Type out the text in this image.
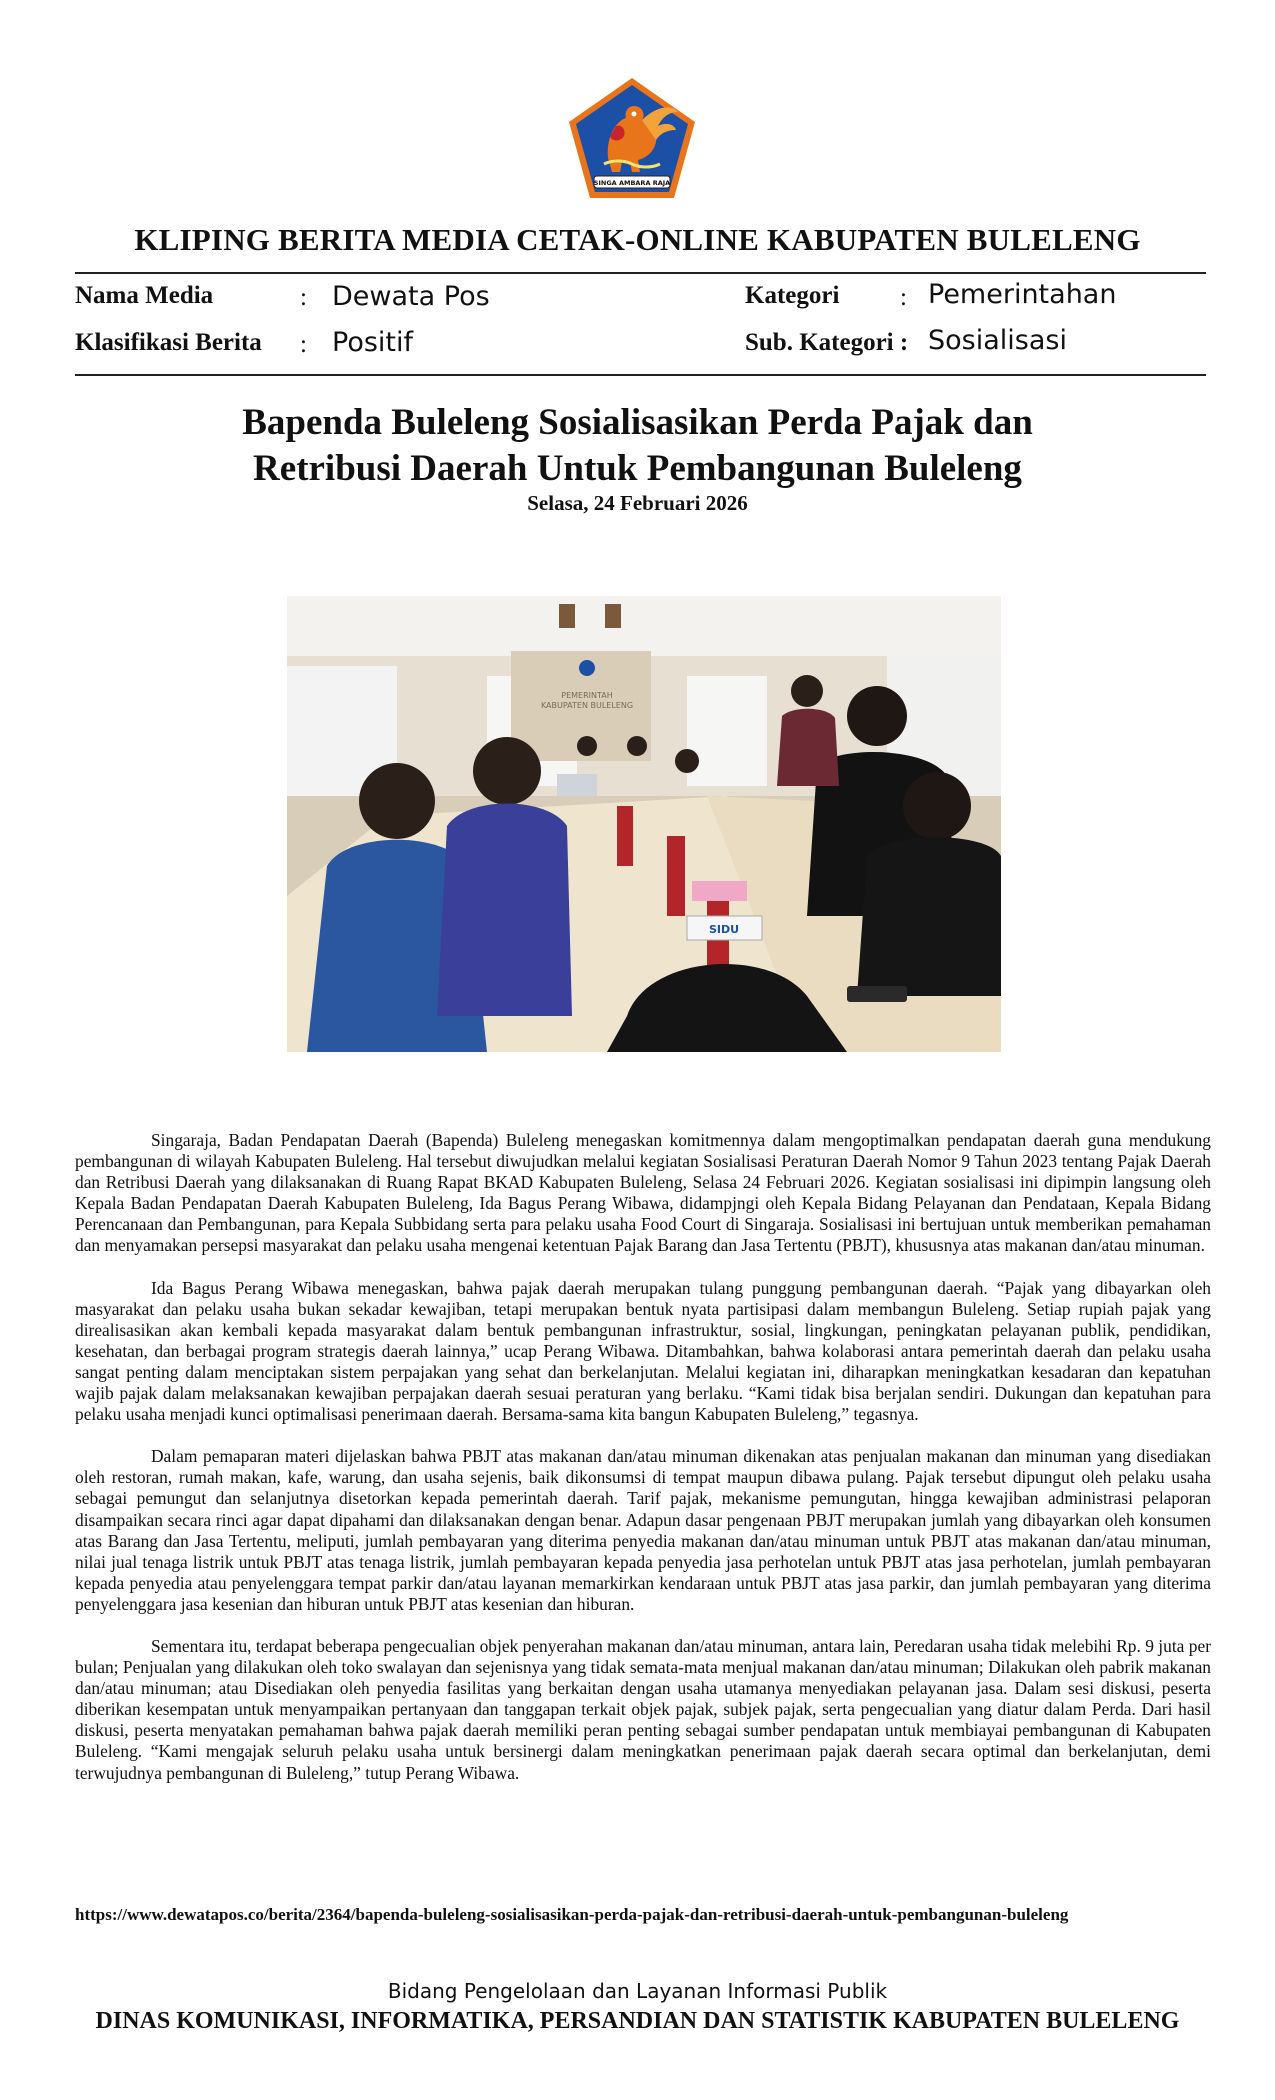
SINGA AMBARA RAJA
KLIPING BERITA MEDIA CETAK-ONLINE KABUPATEN BULELENG
Nama Media	: Dewata Pos	Kategori : Pemerintahan
Klasifikasi Berita : Positif	Sub. Kategori : Sosialisasi
Bapenda Buleleng Sosialisasikan Perda Pajak dan
Retribusi Daerah Untuk Pembangunan Buleleng
Selasa, 24 Februari 2026
PEMERINTAH
KABUPATEN BULELENG
SIDU

Singaraja, Badan Pendapatan Daerah (Bapenda) Buleleng menegaskan komitmennya dalam mengoptimalkan pendapatan daerah guna mendukung pembangunan di wilayah Kabupaten Buleleng. Hal tersebut diwujudkan melalui kegiatan Sosialisasi Peraturan Daerah Nomor 9 Tahun 2023 tentang Pajak Daerah dan Retribusi Daerah yang dilaksanakan di Ruang Rapat BKAD Kabupaten Buleleng, Selasa 24 Februari 2026. Kegiatan sosialisasi ini dipimpin langsung oleh Kepala Badan Pendapatan Daerah Kabupaten Buleleng, Ida Bagus Perang Wibawa, didampjngi oleh Kepala Bidang Pelayanan dan Pendataan, Kepala Bidang Perencanaan dan Pembangunan, para Kepala Subbidang serta para pelaku usaha Food Court di Singaraja. Sosialisasi ini bertujuan untuk memberikan pemahaman dan menyamakan persepsi masyarakat dan pelaku usaha mengenai ketentuan Pajak Barang dan Jasa Tertentu (PBJT), khususnya atas makanan dan/atau minuman.

Ida Bagus Perang Wibawa menegaskan, bahwa pajak daerah merupakan tulang punggung pembangunan daerah. “Pajak yang dibayarkan oleh masyarakat dan pelaku usaha bukan sekadar kewajiban, tetapi merupakan bentuk nyata partisipasi dalam membangun Buleleng. Setiap rupiah pajak yang direalisasikan akan kembali kepada masyarakat dalam bentuk pembangunan infrastruktur, sosial, lingkungan, peningkatan pelayanan publik, pendidikan, kesehatan, dan berbagai program strategis daerah lainnya,” ucap Perang Wibawa. Ditambahkan, bahwa kolaborasi antara pemerintah daerah dan pelaku usaha sangat penting dalam menciptakan sistem perpajakan yang sehat dan berkelanjutan. Melalui kegiatan ini, diharapkan meningkatkan kesadaran dan kepatuhan wajib pajak dalam melaksanakan kewajiban perpajakan daerah sesuai peraturan yang berlaku. “Kami tidak bisa berjalan sendiri. Dukungan dan kepatuhan para pelaku usaha menjadi kunci optimalisasi penerimaan daerah. Bersama-sama kita bangun Kabupaten Buleleng,” tegasnya.

Dalam pemaparan materi dijelaskan bahwa PBJT atas makanan dan/atau minuman dikenakan atas penjualan makanan dan minuman yang disediakan oleh restoran, rumah makan, kafe, warung, dan usaha sejenis, baik dikonsumsi di tempat maupun dibawa pulang. Pajak tersebut dipungut oleh pelaku usaha sebagai pemungut dan selanjutnya disetorkan kepada pemerintah daerah. Tarif pajak, mekanisme pemungutan, hingga kewajiban administrasi pelaporan disampaikan secara rinci agar dapat dipahami dan dilaksanakan dengan benar. Adapun dasar pengenaan PBJT merupakan jumlah yang dibayarkan oleh konsumen atas Barang dan Jasa Tertentu, meliputi, jumlah pembayaran yang diterima penyedia makanan dan/atau minuman untuk PBJT atas makanan dan/atau minuman, nilai jual tenaga listrik untuk PBJT atas tenaga listrik, jumlah pembayaran kepada penyedia jasa perhotelan untuk PBJT atas jasa perhotelan, jumlah pembayaran kepada penyedia atau penyelenggara tempat parkir dan/atau layanan memarkirkan kendaraan untuk PBJT atas jasa parkir, dan jumlah pembayaran yang diterima penyelenggara jasa kesenian dan hiburan untuk PBJT atas kesenian dan hiburan.

Sementara itu, terdapat beberapa pengecualian objek penyerahan makanan dan/atau minuman, antara lain, Peredaran usaha tidak melebihi Rp. 9 juta per bulan; Penjualan yang dilakukan oleh toko swalayan dan sejenisnya yang tidak semata-mata menjual makanan dan/atau minuman; Dilakukan oleh pabrik makanan dan/atau minuman; atau Disediakan oleh penyedia fasilitas yang berkaitan dengan usaha utamanya menyediakan pelayanan jasa. Dalam sesi diskusi, peserta diberikan kesempatan untuk menyampaikan pertanyaan dan tanggapan terkait objek pajak, subjek pajak, serta pengecualian yang diatur dalam Perda. Dari hasil diskusi, peserta menyatakan pemahaman bahwa pajak daerah memiliki peran penting sebagai sumber pendapatan untuk membiayai pembangunan di Kabupaten Buleleng. “Kami mengajak seluruh pelaku usaha untuk bersinergi dalam meningkatkan penerimaan pajak daerah secara optimal dan berkelanjutan, demi terwujudnya pembangunan di Buleleng,” tutup Perang Wibawa.

https://www.dewatapos.co/berita/2364/bapenda-buleleng-sosialisasikan-perda-pajak-dan-retribusi-daerah-untuk-pembangunan-buleleng
Bidang Pengelolaan dan Layanan Informasi Publik
DINAS KOMUNIKASI, INFORMATIKA, PERSANDIAN DAN STATISTIK KABUPATEN BULELENG
